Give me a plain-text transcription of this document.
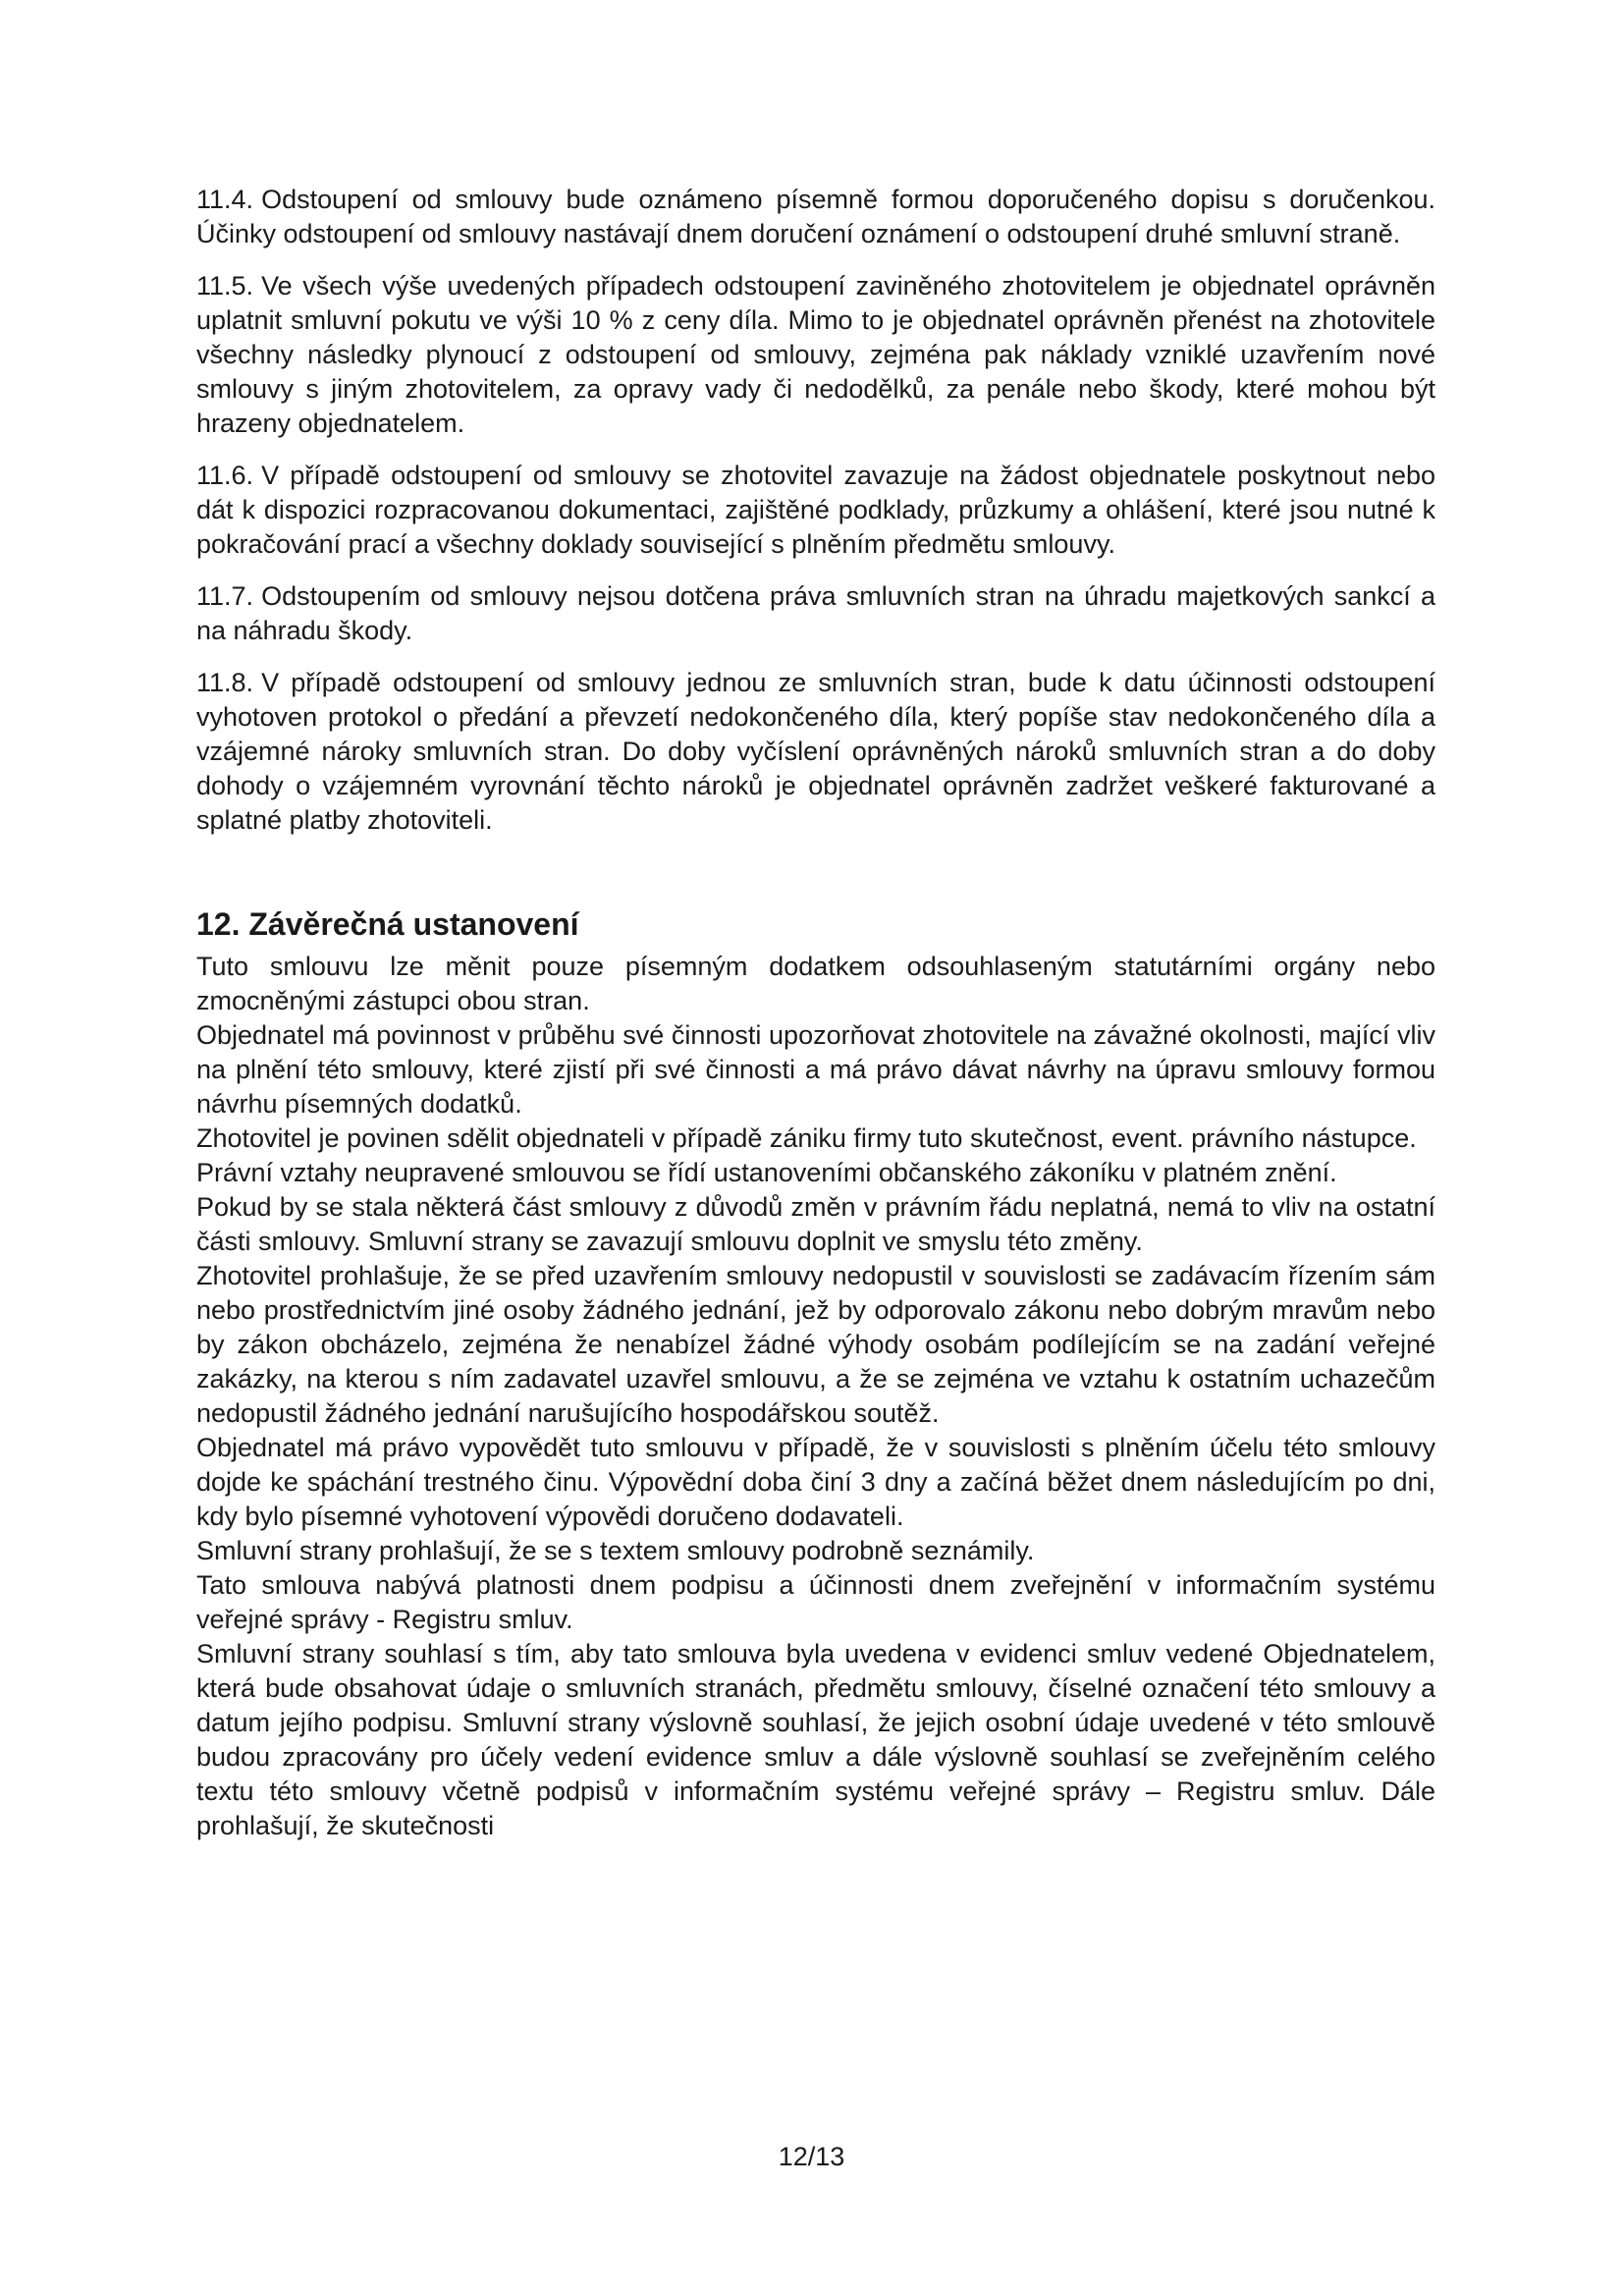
11.4. Odstoupení od smlouvy bude oznámeno písemně formou doporučeného dopisu s doručenkou. Účinky odstoupení od smlouvy nastávají dnem doručení oznámení o odstoupení druhé smluvní straně.

11.5. Ve všech výše uvedených případech odstoupení zaviněného zhotovitelem je objednatel oprávněn uplatnit smluvní pokutu ve výši 10 % z ceny díla. Mimo to je objednatel oprávněn přenést na zhotovitele všechny následky plynoucí z odstoupení od smlouvy, zejména pak náklady vzniklé uzavřením nové smlouvy s jiným zhotovitelem, za opravy vady či nedodělků, za penále nebo škody, které mohou být hrazeny objednatelem.

11.6. V případě odstoupení od smlouvy se zhotovitel zavazuje na žádost objednatele poskytnout nebo dát k dispozici rozpracovanou dokumentaci, zajištěné podklady, průzkumy a ohlášení, které jsou nutné k pokračování prací a všechny doklady související s plněním předmětu smlouvy.

11.7. Odstoupením od smlouvy nejsou dotčena práva smluvních stran na úhradu majetkových sankcí a na náhradu škody.

11.8. V případě odstoupení od smlouvy jednou ze smluvních stran, bude k datu účinnosti odstoupení vyhotoven protokol o předání a převzetí nedokončeného díla, který popíše stav nedokončeného díla a vzájemné nároky smluvních stran. Do doby vyčíslení oprávněných nároků smluvních stran a do doby dohody o vzájemném vyrovnání těchto nároků je objednatel oprávněn zadržet veškeré fakturované a splatné platby zhotoviteli.

12. Závěrečná ustanovení

Tuto smlouvu lze měnit pouze písemným dodatkem odsouhlaseným statutárními orgány nebo zmocněnými zástupci obou stran.

Objednatel má povinnost v průběhu své činnosti upozorňovat zhotovitele na závažné okolnosti, mající vliv na plnění této smlouvy, které zjistí při své činnosti a má právo dávat návrhy na úpravu smlouvy formou návrhu písemných dodatků.

Zhotovitel je povinen sdělit objednateli v případě zániku firmy tuto skutečnost, event. právního nástupce.

Právní vztahy neupravené smlouvou se řídí ustanoveními občanského zákoníku v platném znění.

Pokud by se stala některá část smlouvy z důvodů změn v právním řádu neplatná, nemá to vliv na ostatní části smlouvy. Smluvní strany se zavazují smlouvu doplnit ve smyslu této změny.

Zhotovitel prohlašuje, že se před uzavřením smlouvy nedopustil v souvislosti se zadávacím řízením sám nebo prostřednictvím jiné osoby žádného jednání, jež by odporovalo zákonu nebo dobrým mravům nebo by zákon obcházelo, zejména že nenabízel žádné výhody osobám podílejícím se na zadání veřejné zakázky, na kterou s ním zadavatel uzavřel smlouvu, a že se zejména ve vztahu k ostatním uchazečům nedopustil žádného jednání narušujícího hospodářskou soutěž.

Objednatel má právo vypovědět tuto smlouvu v případě, že v souvislosti s plněním účelu této smlouvy dojde ke spáchání trestného činu. Výpovědní doba činí 3 dny a začíná běžet dnem následujícím po dni, kdy bylo písemné vyhotovení výpovědi doručeno dodavateli.

Smluvní strany prohlašují, že se s textem smlouvy podrobně seznámily.

Tato smlouva nabývá platnosti dnem podpisu a účinnosti dnem zveřejnění v informačním systému veřejné správy - Registru smluv.

Smluvní strany souhlasí s tím, aby tato smlouva byla uvedena v evidenci smluv vedené Objednatelem, která bude obsahovat údaje o smluvních stranách, předmětu smlouvy, číselné označení této smlouvy a datum jejího podpisu. Smluvní strany výslovně souhlasí, že jejich osobní údaje uvedené v této smlouvě budou zpracovány pro účely vedení evidence smluv a dále výslovně souhlasí se zveřejněním celého textu této smlouvy včetně podpisů v informačním systému veřejné správy – Registru smluv. Dále prohlašují, že skutečnosti

12/13
